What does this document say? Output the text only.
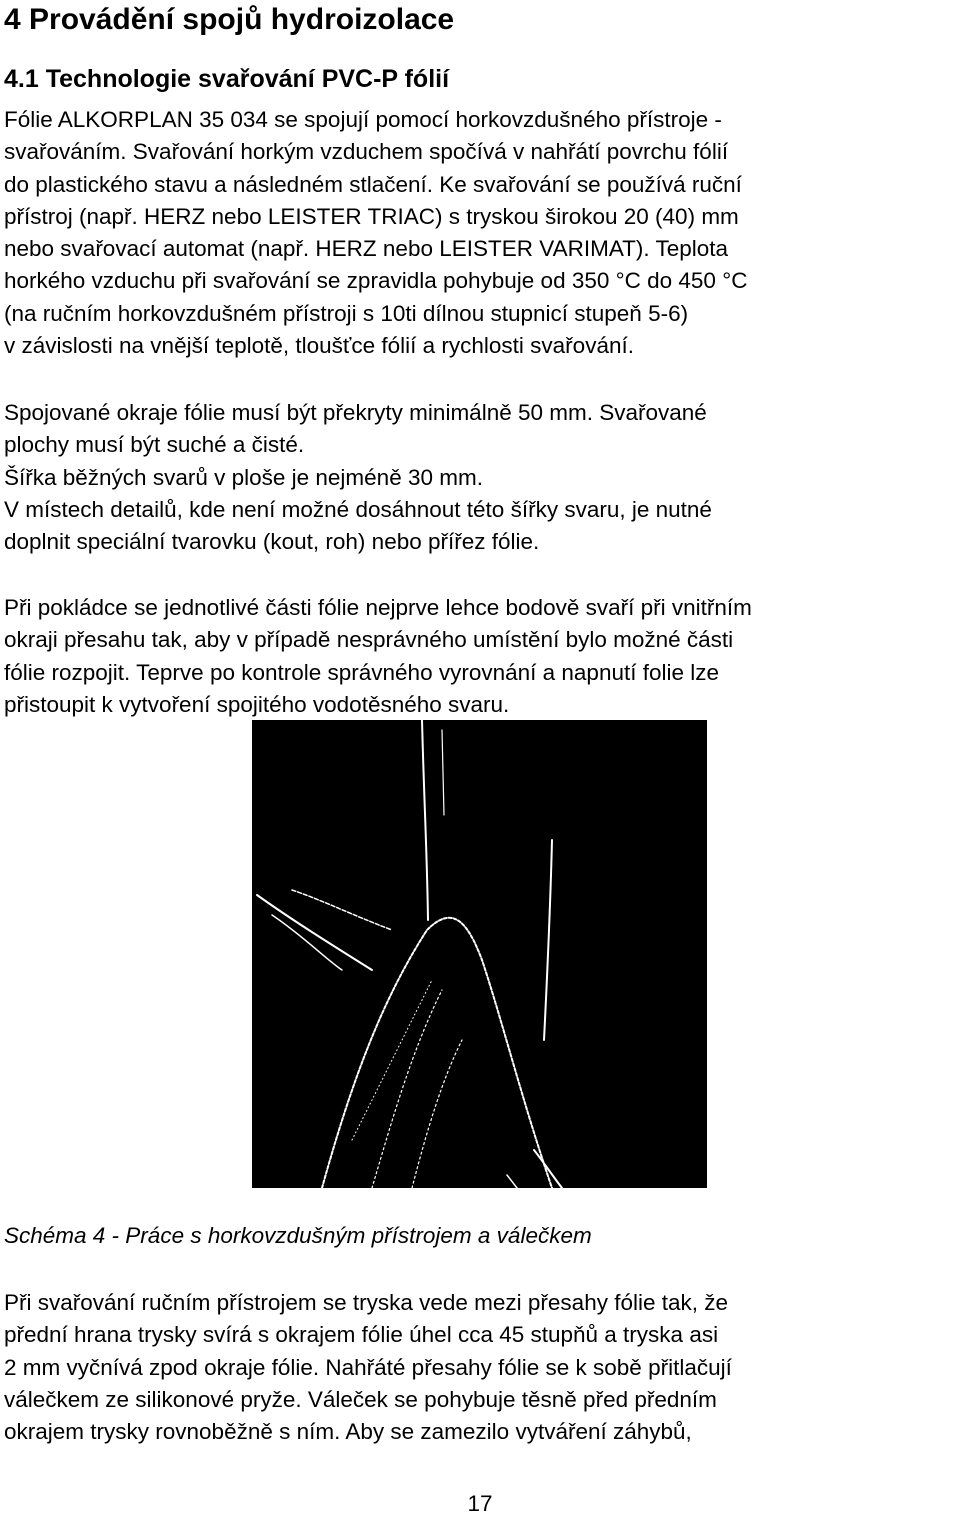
4 Provádění spojů hydroizolace
4.1 Technologie svařování PVC-P fólií

Fólie ALKORPLAN 35 034 se spojují pomocí horkovzdušného přístroje -
svařováním. Svařování horkým vzduchem spočívá v nahřátí povrchu fólií
do plastického stavu a následném stlačení. Ke svařování se používá ruční
přístroj (např. HERZ nebo LEISTER TRIAC) s tryskou širokou 20 (40) mm
nebo svařovací automat (např. HERZ nebo LEISTER VARIMAT). Teplota
horkého vzduchu při svařování se zpravidla pohybuje od 350 °C do 450 °C
(na ručním horkovzdušném přístroji s 10ti dílnou stupnicí stupeň 5-6)
v závislosti na vnější teplotě, tloušťce fólií a rychlosti svařování.

Spojované okraje fólie musí být překryty minimálně 50 mm. Svařované
plochy musí být suché a čisté.
Šířka běžných svarů v ploše je nejméně 30 mm.
V místech detailů, kde není možné dosáhnout této šířky svaru, je nutné
doplnit speciální tvarovku (kout, roh) nebo přířez fólie.

Při pokládce se jednotlivé části fólie nejprve lehce bodově svaří při vnitřním
okraji přesahu tak, aby v případě nesprávného umístění bylo možné části
fólie rozpojit. Teprve po kontrole správného vyrovnání a napnutí folie lze
přistoupit k vytvoření spojitého vodotěsného svaru.

Schéma 4 - Práce s horkovzdušným přístrojem a válečkem

Při svařování ručním přístrojem se tryska vede mezi přesahy fólie tak, že
přední hrana trysky svírá s okrajem fólie úhel cca 45 stupňů a tryska asi
2 mm vyčnívá zpod okraje fólie. Nahřáté přesahy fólie se k sobě přitlačují
válečkem ze silikonové pryže. Váleček se pohybuje těsně před předním
okrajem trysky rovnoběžně s ním. Aby se zamezilo vytváření záhybů,

17
